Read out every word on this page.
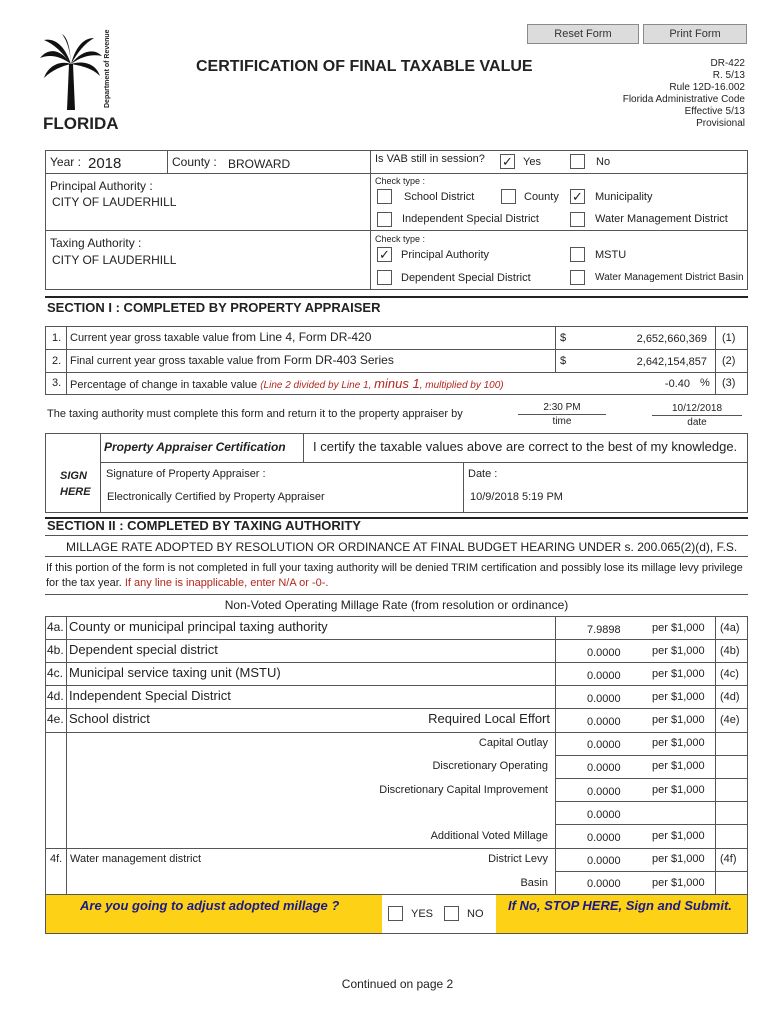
Reset Form	Print Form
Department of Revenue
FLORIDA
CERTIFICATION OF FINAL TAXABLE VALUE	DR-422
R. 5/13
Rule 12D-16.002
Florida Administrative Code
Effective 5/13
Provisional
Year : 2018	County : BROWARD
Principal Authority :
CITY OF LAUDERHILL
Taxing Authority :
CITY OF LAUDERHILL
Is VAB still in session? ✓ Yes	No
Check type :
School District	County ✓ Municipality
Independent Special District	Water Management District
Check type :
✓ Principal Authority	MSTU
Dependent Special District	Water Management District Basin
SECTION I : COMPLETED BY PROPERTY APPRAISER
1. Current year gross taxable value from Line 4, Form DR-420	$	2,652,660,369 (1)
2. Final current year gross taxable value from Form DR-403 Series	$	2,642,154,857 (2)
3. Percentage of change in taxable value (Line 2 divided by Line 1, minus 1, multiplied by 100)	-0.40 % (3)
The taxing authority must complete this form and return it to the property appraiser by
2:30 PM
time
10/12/2018
date
Property Appraiser Certification I certify the taxable values above are correct to the best of my knowledge.
SIGN
HERE
Signature of Property Appraiser :
Electronically Certified by Property Appraiser
Date :
10/9/2018 5:19 PM
SECTION II : COMPLETED BY TAXING AUTHORITY
MILLAGE RATE ADOPTED BY RESOLUTION OR ORDINANCE AT FINAL BUDGET HEARING UNDER s. 200.065(2)(d), F.S.
If this portion of the form is not completed in full your taxing authority will be denied TRIM certification and possibly lose its millage levy privilege for the tax year. If any line is inapplicable, enter N/A or -0-.
Non-Voted Operating Millage Rate (from resolution or ordinance)
4a. County or municipal principal taxing authority	7.9898	per $1,000 (4a)
4b. Dependent special district	0.0000	per $1,000 (4b)
4c. Municipal service taxing unit (MSTU)	0.0000	per $1,000 (4c)
4d. Independent Special District	0.0000	per $1,000 (4d)
4e. School district	Required Local Effort	0.0000	per $1,000 (4e)
Capital Outlay	0.0000	per $1,000
Discretionary Operating	0.0000	per $1,000
Discretionary Capital Improvement	0.0000	per $1,000
0.0000
Additional Voted Millage	0.0000	per $1,000
4f. Water management district	District Levy	0.0000	per $1,000 (4f)
Basin	0.0000	per $1,000
Are you going to adjust adopted millage ?
YES	NO
If No, STOP HERE, Sign and Submit.
Continued on page 2
